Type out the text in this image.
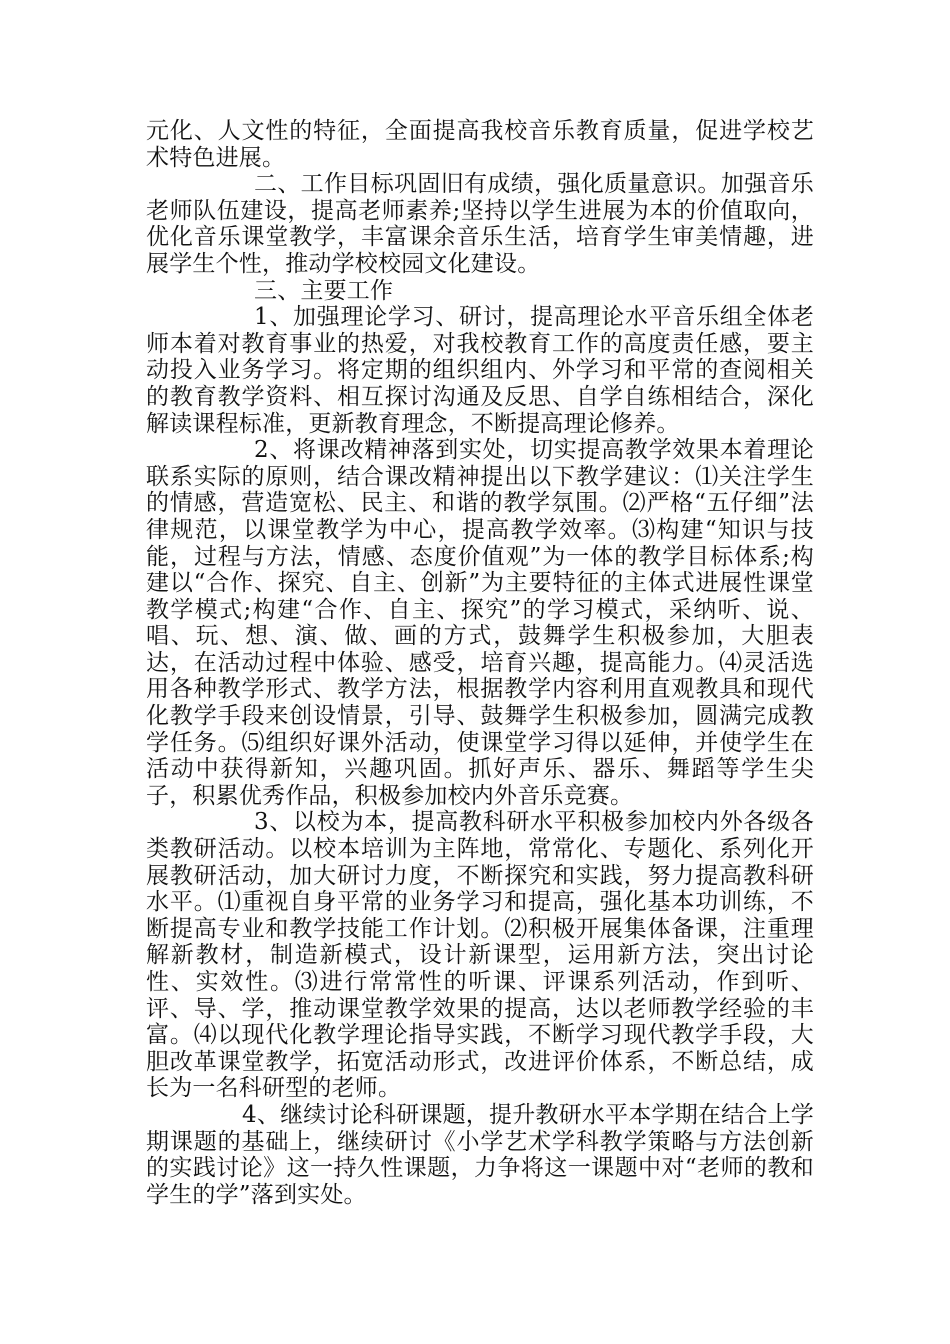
元化、人文性的特征，全面提高我校音乐教育质量，促进学校艺术特色进展。

二、工作目标巩固旧有成绩，强化质量意识。加强音乐老师队伍建设，提高老师素养;坚持以学生进展为本的价值取向，优化音乐课堂教学，丰富课余音乐生活，培育学生审美情趣，进展学生个性，推动学校校园文化建设。

三、主要工作

1、加强理论学习、研讨，提高理论水平音乐组全体老师本着对教育事业的热爱，对我校教育工作的高度责任感，要主动投入业务学习。将定期的组织组内、外学习和平常的查阅相关的教育教学资料、相互探讨沟通及反思、自学自练相结合，深化解读课程标准，更新教育理念，不断提高理论修养。

2、将课改精神落到实处，切实提高教学效果本着理论联系实际的原则，结合课改精神提出以下教学建议：⑴关注学生的情感，营造宽松、民主、和谐的教学氛围。⑵严格“五仔细”法律规范，以课堂教学为中心，提高教学效率。⑶构建“知识与技能，过程与方法，情感、态度价值观”为一体的教学目标体系;构建以“合作、探究、自主、创新”为主要特征的主体式进展性课堂教学模式;构建“合作、自主、探究”的学习模式，采纳听、说、唱、玩、想、演、做、画的方式，鼓舞学生积极参加，大胆表达，在活动过程中体验、感受，培育兴趣，提高能力。⑷灵活选用各种教学形式、教学方法，根据教学内容利用直观教具和现代化教学手段来创设情景，引导、鼓舞学生积极参加，圆满完成教学任务。⑸组织好课外活动，使课堂学习得以延伸，并使学生在活动中获得新知，兴趣巩固。抓好声乐、器乐、舞蹈等学生尖子，积累优秀作品，积极参加校内外音乐竞赛。

3、以校为本，提高教科研水平积极参加校内外各级各类教研活动。以校本培训为主阵地，常常化、专题化、系列化开展教研活动，加大研讨力度，不断探究和实践，努力提高教科研水平。⑴重视自身平常的业务学习和提高，强化基本功训练，不断提高专业和教学技能工作计划。⑵积极开展集体备课，注重理解新教材，制造新模式，设计新课型，运用新方法，突出讨论性、实效性。⑶进行常常性的听课、评课系列活动，作到听、评、导、学，推动课堂教学效果的提高，达以老师教学经验的丰富。⑷以现代化教学理论指导实践，不断学习现代教学手段，大胆改革课堂教学，拓宽活动形式，改进评价体系，不断总结，成长为一名科研型的老师。

4、继续讨论科研课题，提升教研水平本学期在结合上学期课题的基础上，继续研讨《小学艺术学科教学策略与方法创新的实践讨论》这一持久性课题，力争将这一课题中对“老师的教和学生的学”落到实处。
